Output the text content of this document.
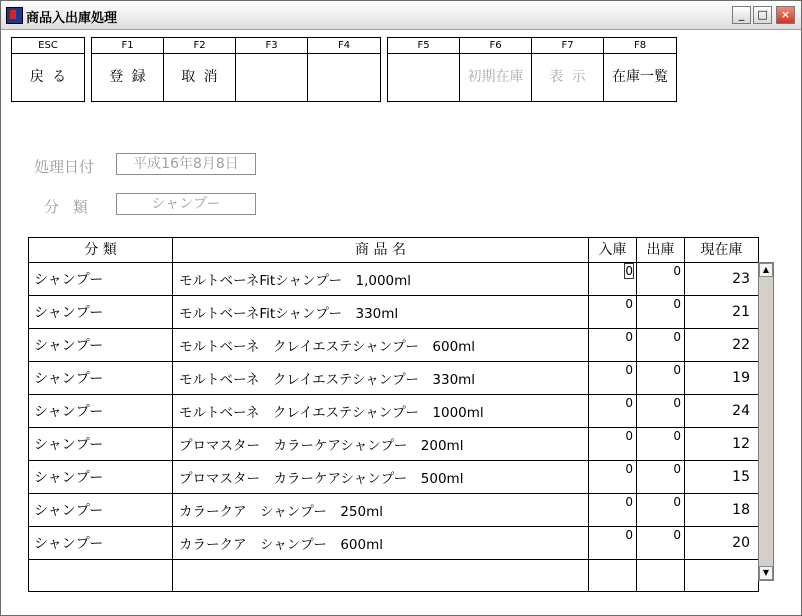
商品入出庫処理	_	□	×
ESC
戻る
F1
登録
F2
取消
F3	F4	F5	F6
初期在庫
F7
表示
F8
在庫一覧
処理日付	平成16年8月8日
分 類	シャンプー
分 類	商 品 名	入庫	出庫	現在庫
シャンプー	モルトベーネFitシャンプー　1,000ml	0	0	23
シャンプー	モルトベーネFitシャンプー　330ml	0	0	21
シャンプー	モルトベーネ　クレイエステシャンプー　600ml	0	0	22
シャンプー	モルトベーネ　クレイエステシャンプー　330ml	0	0	19
シャンプー	モルトベーネ　クレイエステシャンプー　1000ml	0	0	24
シャンプー	プロマスター　カラーケアシャンプー　200ml	0	0	12
シャンプー	プロマスター　カラーケアシャンプー　500ml	0	0	15
シャンプー	カラークア　シャンプー　250ml	0	0	18
シャンプー	カラークア　シャンプー　600ml	0	0	20

▲
▼
